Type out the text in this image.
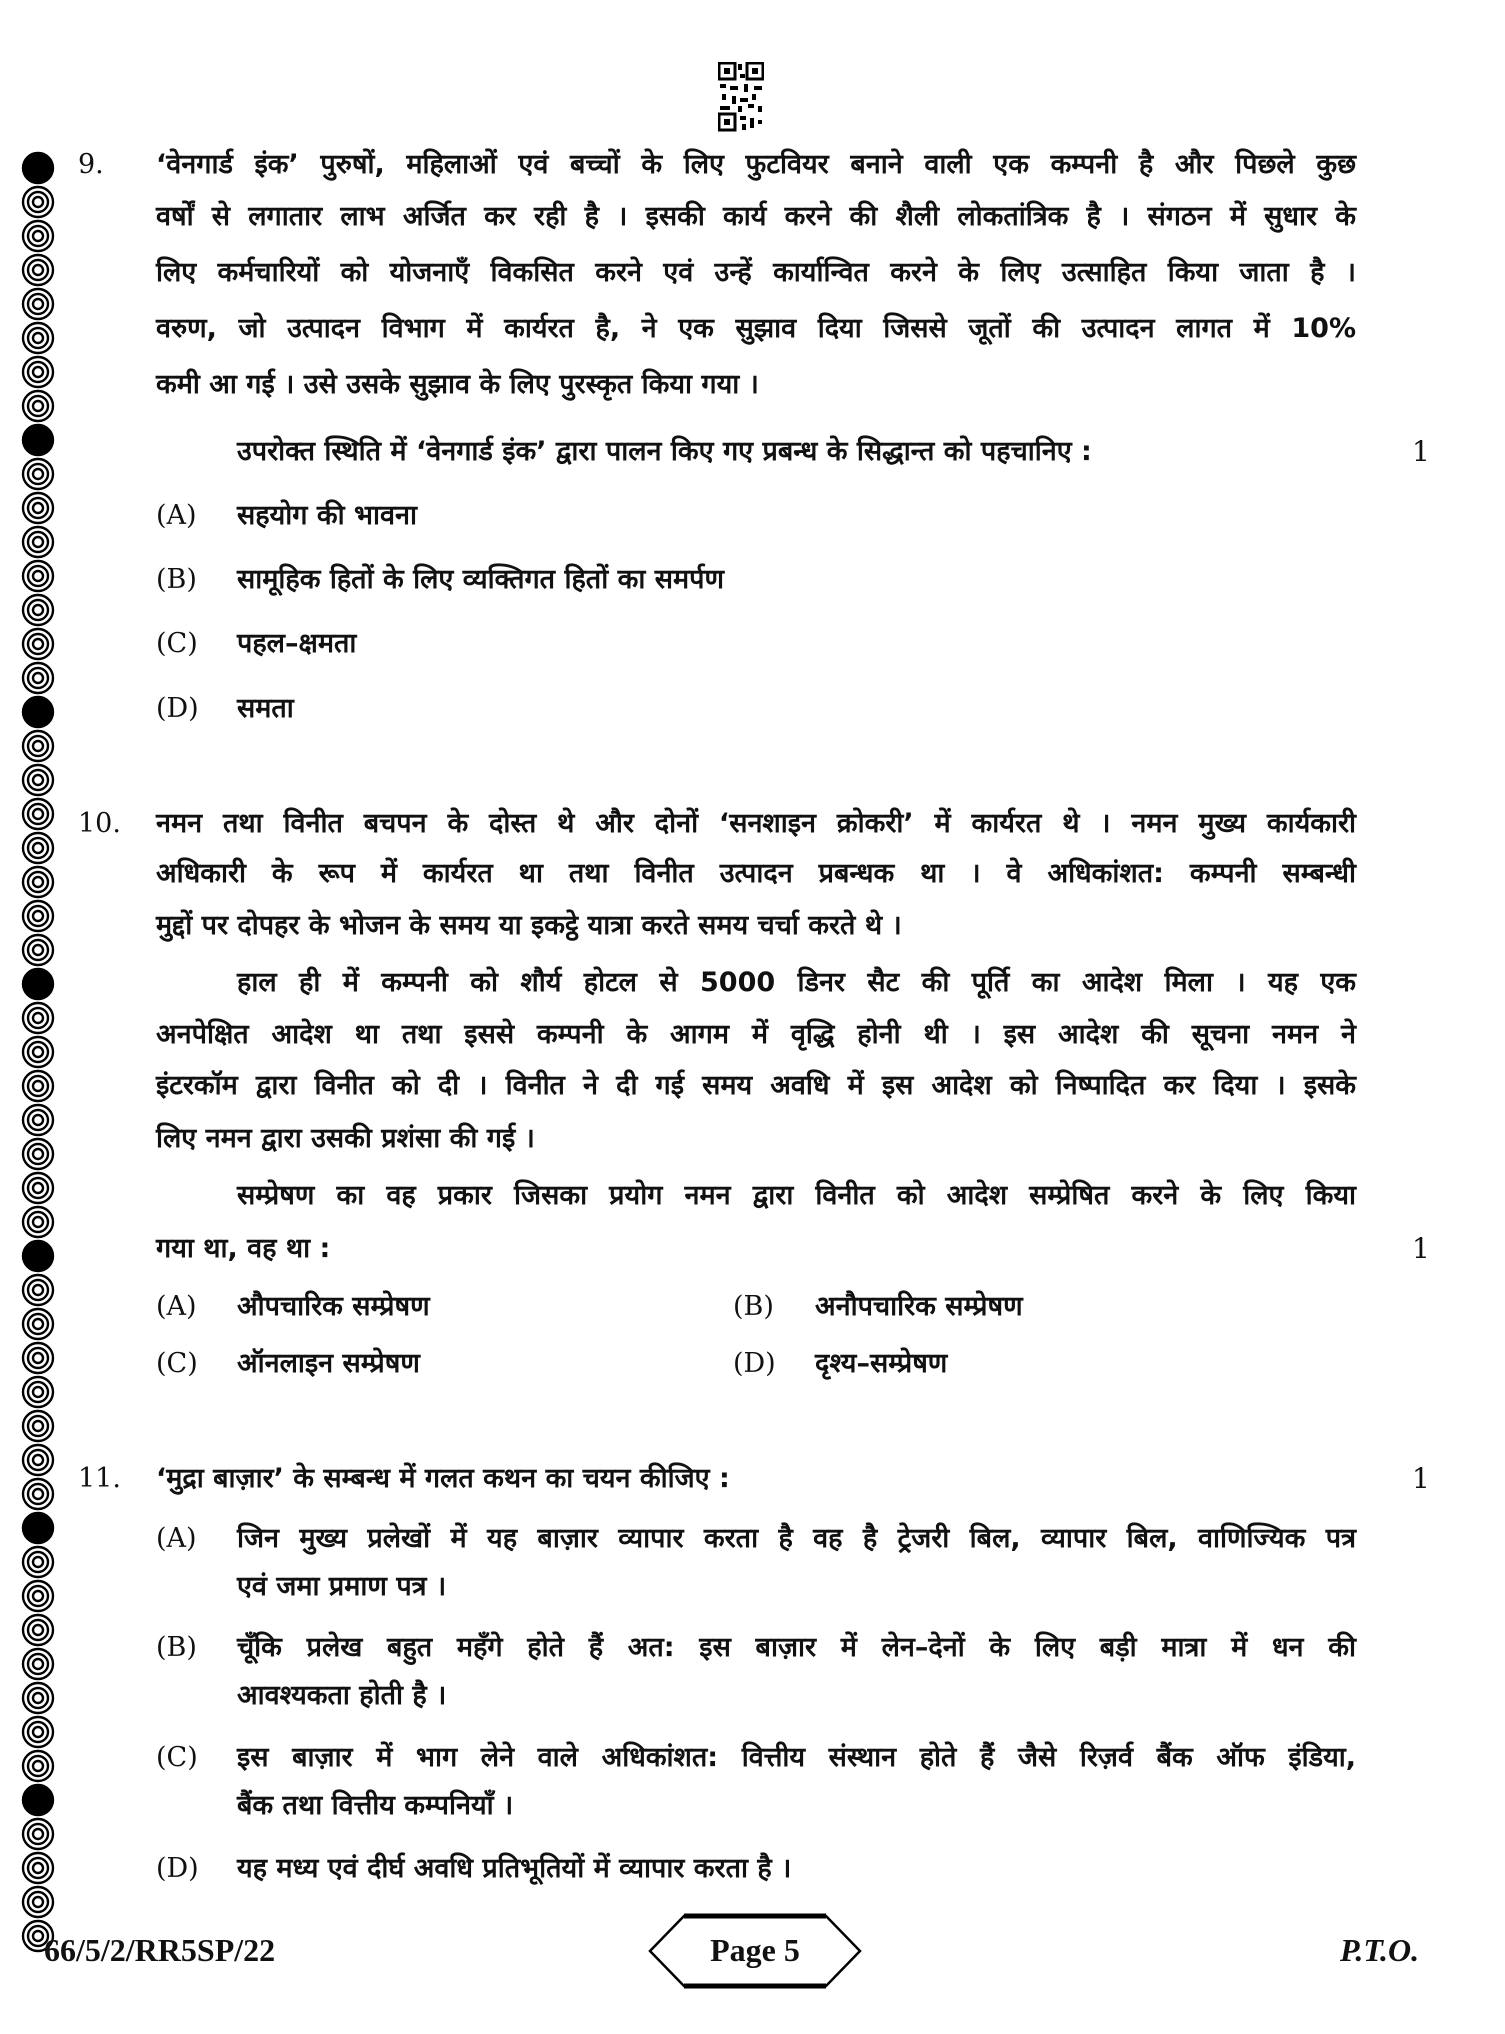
9. ‘वेनगार्ड इंक’ पुरुषों, महिलाओं एवं बच्चों के लिए फुटवियर बनाने वाली एक कम्पनी है और पिछले कुछ
वर्षों से लगातार लाभ अर्जित कर रही है । इसकी कार्य करने की शैली लोकतांत्रिक है । संगठन में सुधार के
लिए कर्मचारियों को योजनाएँ विकसित करने एवं उन्हें कार्यान्वित करने के लिए उत्साहित किया जाता है ।
वरुण, जो उत्पादन विभाग में कार्यरत है, ने एक सुझाव दिया जिससे जूतों की उत्पादन लागत में 10%
कमी आ गई । उसे उसके सुझाव के लिए पुरस्कृत किया गया ।
उपरोक्त स्थिति में ‘वेनगार्ड इंक’ द्वारा पालन किए गए प्रबन्ध के सिद्धान्त को पहचानिए :	1
(A) सहयोग की भावना
(B) सामूहिक हितों के लिए व्यक्तिगत हितों का समर्पण
(C) पहल–क्षमता
(D) समता
10. नमन तथा विनीत बचपन के दोस्त थे और दोनों ‘सनशाइन क्रोकरी’ में कार्यरत थे । नमन मुख्य कार्यकारी
अधिकारी के रूप में कार्यरत था तथा विनीत उत्पादन प्रबन्धक था । वे अधिकांशत: कम्पनी सम्बन्धी
मुद्दों पर दोपहर के भोजन के समय या इकट्ठे यात्रा करते समय चर्चा करते थे ।
हाल ही में कम्पनी को शौर्य होटल से 5000 डिनर सैट की पूर्ति का आदेश मिला । यह एक
अनपेक्षित आदेश था तथा इससे कम्पनी के आगम में वृद्धि होनी थी । इस आदेश की सूचना नमन ने
इंटरकॉम द्वारा विनीत को दी । विनीत ने दी गई समय अवधि में इस आदेश को निष्पादित कर दिया । इसके
लिए नमन द्वारा उसकी प्रशंसा की गई ।
सम्प्रेषण का वह प्रकार जिसका प्रयोग नमन द्वारा विनीत को आदेश सम्प्रेषित करने के लिए किया
गया था, वह था :	1
(A) औपचारिक सम्प्रेषण	(B) अनौपचारिक सम्प्रेषण
(C) ऑनलाइन सम्प्रेषण	(D) दृश्य–सम्प्रेषण
11. ‘मुद्रा बाज़ार’ के सम्बन्ध में गलत कथन का चयन कीजिए :	1
(A) जिन मुख्य प्रलेखों में यह बाज़ार व्यापार करता है वह है ट्रेजरी बिल, व्यापार बिल, वाणिज्यिक पत्र
एवं जमा प्रमाण पत्र ।
(B) चूँकि प्रलेख बहुत महँगे होते हैं अत: इस बाज़ार में लेन–देनों के लिए बड़ी मात्रा में धन की
आवश्यकता होती है ।
(C) इस बाज़ार में भाग लेने वाले अधिकांशत: वित्तीय संस्थान होते हैं जैसे रिज़र्व बैंक ऑफ इंडिया,
बैंक तथा वित्तीय कम्पनियाँ ।
(D) यह मध्य एवं दीर्घ अवधि प्रतिभूतियों में व्यापार करता है ।
66/5/2/RR5SP/22	Page 5	P.T.O.
